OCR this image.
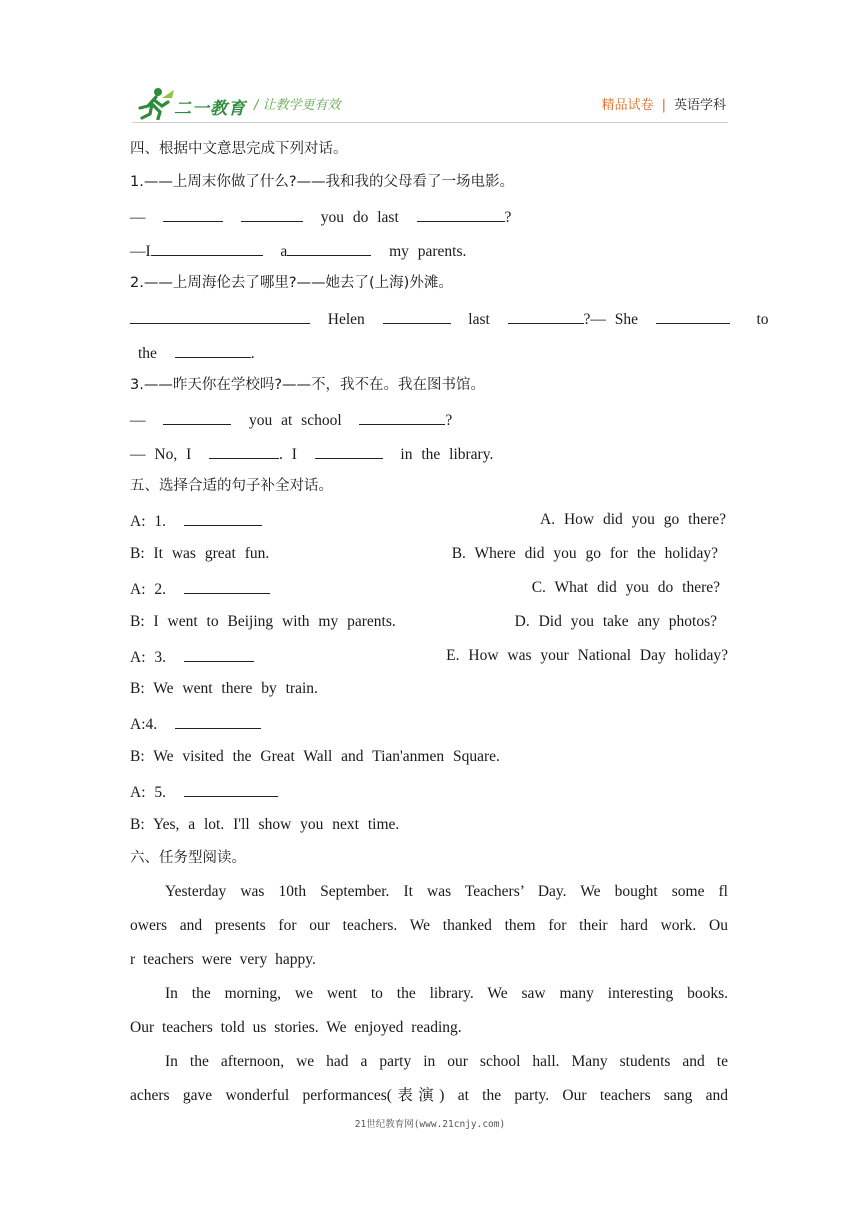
二一教育 / 让教学更有效	精品试卷 | 英语学科
四、根据中文意思完成下列对话。
1.——上周末你做了什么?——我和我的父母看了一场电影。
—	you do last	?
—I	a	my parents.
2.——上周海伦去了哪里?——她去了(上海)外滩。
Helen	last	?— She	to
the	.
3.——昨天你在学校吗?——不，我不在。我在图书馆。
—	you at school	?
— No, I	. I	in the library.
五、选择合适的句子补全对话。
A: 1.
B: It was great fun.
A: 2.
B: I went to Beijing with my parents.
A: 3.
B: We went there by train.
A:4.
B: We visited the Great Wall and Tian'anmen Square.
A: 5.
B: Yes, a lot. I'll show you next time.
A. How did you go there?
B. Where did you go for the holiday?
C. What did you do there?
D. Did you take any photos?
E. How was your National Day holiday?
六、任务型阅读。
Yesterday was 10th September. It was Teachers’ Day. We bought some fl
owers and presents for our teachers. We thanked them for their hard work. Ou
r teachers were very happy.
In the morning, we went to the library. We saw many interesting books.
Our teachers told us stories. We enjoyed reading.
In the afternoon, we had a party in our school hall. Many students and te
achers gave wonderful performances(表演) at the party. Our teachers sang and
21世纪教育网(www.21cnjy.com)
